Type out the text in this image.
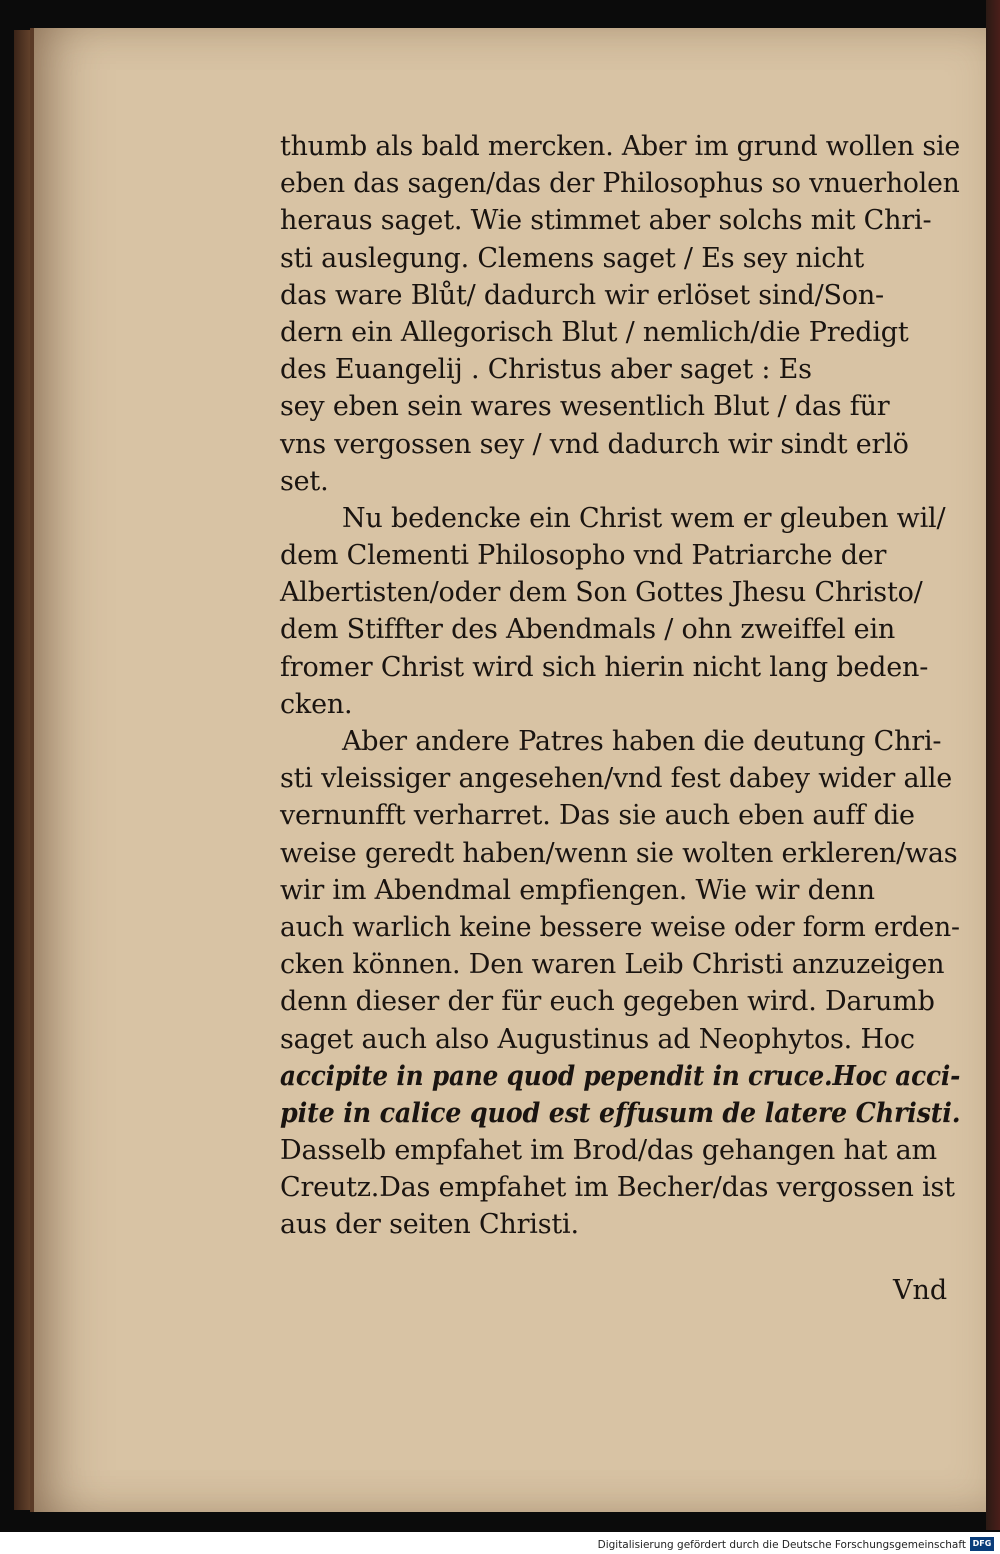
thumb als bald mercken. Aber im grund wollen sie
eben das sagen/das der Philosophus so vnuerholen
heraus saget. Wie stimmet aber solchs mit Chri-
sti auslegung. Clemens saget / Es sey nicht
das ware Blůt/ dadurch wir erlöset sind/Son-
dern ein Allegorisch Blut / nemlich/die Predigt
des Euangelij . Christus aber saget : Es
sey eben sein wares wesentlich Blut / das für
vns vergossen sey / vnd dadurch wir sindt erlö
set.
Nu bedencke ein Christ wem er gleuben wil/
dem Clementi Philosopho vnd Patriarche der
Albertisten/oder dem Son Gottes Jhesu Christo/
dem Stiffter des Abendmals / ohn zweiffel ein
fromer Christ wird sich hierin nicht lang beden-
cken.
Aber andere Patres haben die deutung Chri-
sti vleissiger angesehen/vnd fest dabey wider alle
vernunfft verharret. Das sie auch eben auff die
weise geredt haben/wenn sie wolten erkleren/was
wir im Abendmal empfiengen. Wie wir denn
auch warlich keine bessere weise oder form erden-
cken können. Den waren Leib Christi anzuzeigen
denn dieser der für euch gegeben wird. Darumb
saget auch also Augustinus ad Neophytos. Hoc
accipite in pane quod pependit in cruce.Hoc acci-
pite in calice quod est effusum de latere Christi.
Dasselb empfahet im Brod/das gehangen hat am
Creutz.Das empfahet im Becher/das vergossen ist
aus der seiten Christi.
Vnd
Digitalisierung gefördert durch die Deutsche Forschungsgemeinschaft DFG
